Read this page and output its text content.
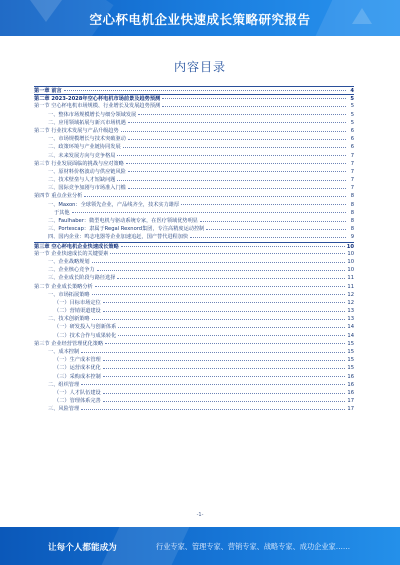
空心杯电机企业快速成长策略研究报告
内容目录
第一章 前言	4
第二章 2023-2028年空心杯电机市场前景及趋势预测	5
第一节 空心杯电机市场规模、行业增长及发展趋势预测	5
一、整体市场规模增长与细分领域发展	5
二、应用领域拓展与新兴市场机遇	5
第二节 行业技术发展与产品升级趋势	6
一、市场规模增长与技术突破驱动	6
二、政策环境与产业链协同发展	6
三、未来发展方向与竞争格局	7
第三节 行业发展面临的挑战与应对策略	7
一、原材料价格波动与供应链风险	7
二、技术壁垒与人才短缺问题	7
三、国际竞争加剧与市场准入门槛	7
第四节 重点企业分析	8
一、Maxon：全球领先企业，产品线齐全，技术实力雄厚	8
于其他	8
二、Faulhaber：微型电机与驱动系统专家，在医疗领域优势明显	8
三、Portescap：隶属于Regal Rexnord集团，专注高精度运动控制	8
四、国内企业：鸣志电器等企业加速追赶，国产替代进程加快	9
第三章 空心杯电机企业快速成长策略	10
第一节 企业快速成长的关键要素	10
一、企业战略规划	10
二、企业核心竞争力	10
三、企业成长阶段与路径选择	11
第二节 企业成长策略分析	11
一、市场拓展策略	12
（一）目标市场定位	12
（二）营销渠道建设	13
二、技术创新策略	13
（一）研发投入与创新体系	14
（二）技术合作与成果转化	14
第三节 企业经营管理优化策略	15
一、成本控制	15
（一）生产成本管理	15
（二）运营成本优化	15
（三）采购成本控制	16
二、组织管理	16
（一）人才队伍建设	16
（二）管理体系完善	17
三、风险管理	17
-1-
让每个人都能成为	行业专家、管理专家、营销专家、战略专家、成功企业家……
